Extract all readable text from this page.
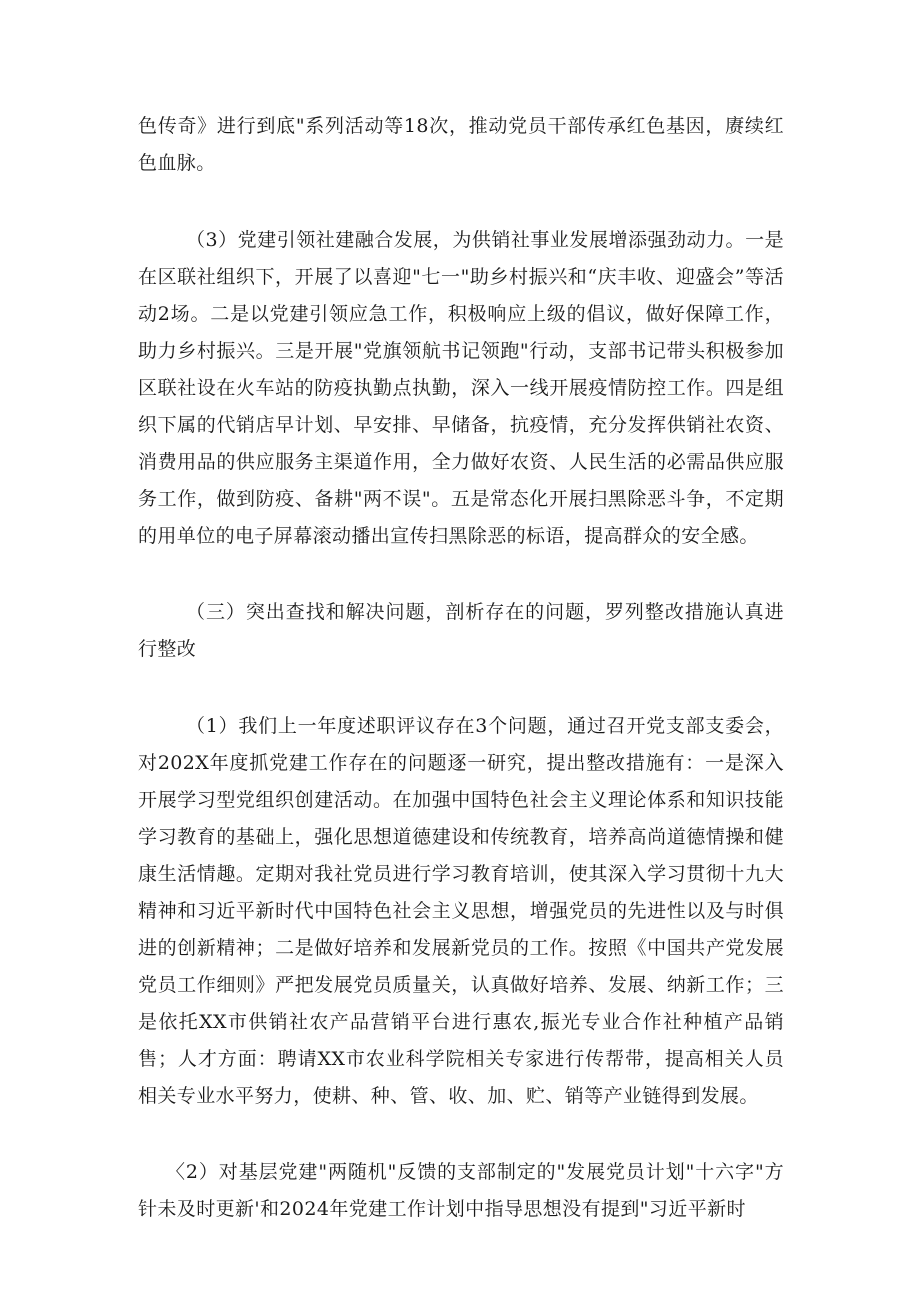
色传奇》进行到底"系列活动等18次，推动党员干部传承红色基因，赓续红色血脉。

（3）党建引领社建融合发展，为供销社事业发展增添强劲动力。一是在区联社组织下，开展了以喜迎"七一"助乡村振兴和“庆丰收、迎盛会”等活动2场。二是以党建引领应急工作，积极响应上级的倡议，做好保障工作，助力乡村振兴。三是开展"党旗领航书记领跑"行动，支部书记带头积极参加区联社设在火车站的防疫执勤点执勤，深入一线开展疫情防控工作。四是组织下属的代销店早计划、早安排、早储备，抗疫情，充分发挥供销社农资、消费用品的供应服务主渠道作用，全力做好农资、人民生活的必需品供应服务工作，做到防疫、备耕"两不误"。五是常态化开展扫黑除恶斗争，不定期的用单位的电子屏幕滚动播出宣传扫黑除恶的标语，提高群众的安全感。

（三）突出查找和解决问题，剖析存在的问题，罗列整改措施认真进行整改

（1）我们上一年度述职评议存在3个问题，通过召开党支部支委会，对202X年度抓党建工作存在的问题逐一研究，提出整改措施有：一是深入开展学习型党组织创建活动。在加强中国特色社会主义理论体系和知识技能学习教育的基础上，强化思想道德建设和传统教育，培养高尚道德情操和健康生活情趣。定期对我社党员进行学习教育培训，使其深入学习贯彻十九大精神和习近平新时代中国特色社会主义思想，增强党员的先进性以及与时俱进的创新精神；二是做好培养和发展新党员的工作。按照《中国共产党发展党员工作细则》严把发展党员质量关，认真做好培养、发展、纳新工作；三是依托XX市供销社农产品营销平台进行惠农,振光专业合作社种植产品销售；人才方面：聘请XX市农业科学院相关专家进行传帮带，提高相关人员相关专业水平努力，使耕、种、管、收、加、贮、销等产业链得到发展。

〈2）对基层党建"两随机"反馈的支部制定的"发展党员计划"十六字"方针未及时更新'和2024年党建工作计划中指导思想没有提到"习近平新时
